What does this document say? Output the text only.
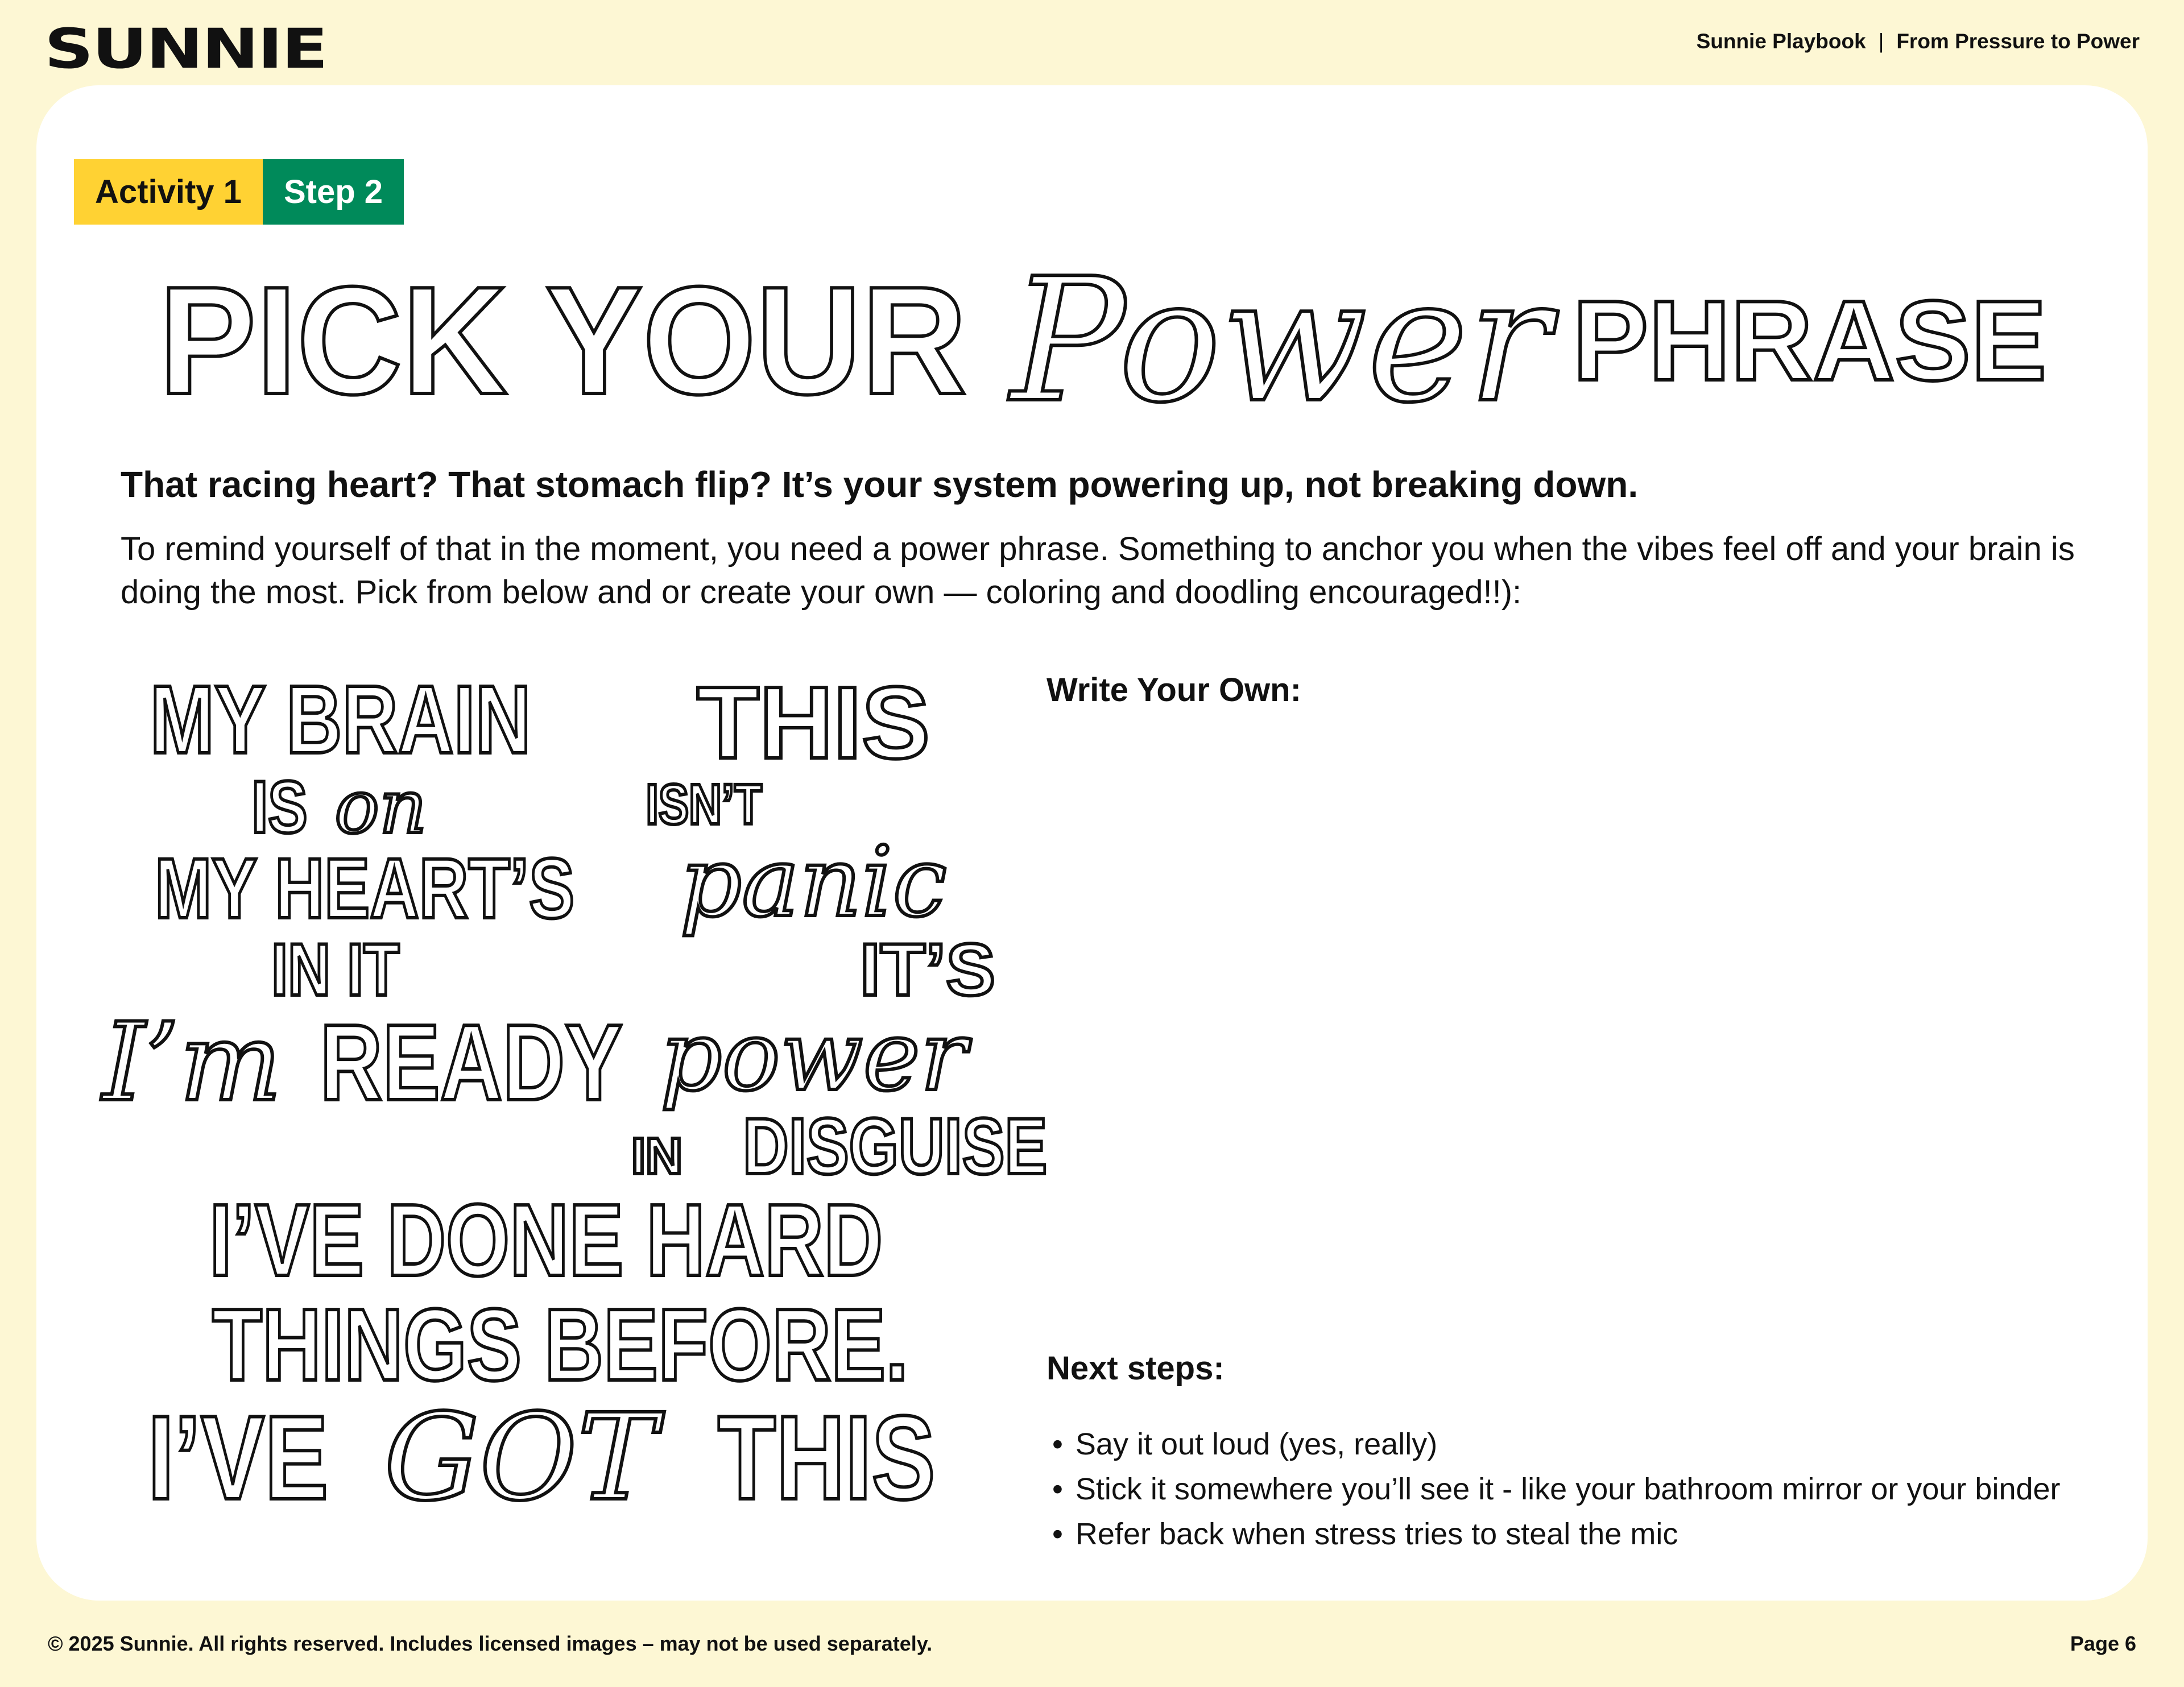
SUNNIE	Sunnie Playbook | From Pressure to Power
Activity 1	Step 2
PICK YOUR Power PHRASE
That racing heart? That stomach flip? It’s your system powering up, not breaking down.
To remind yourself of that in the moment, you need a power phrase. Something to anchor you when the vibes feel off and your brain is doing the most. Pick from below and or create your own — coloring and doodling encouraged!!):
MY BRAIN
IS on
MY HEART’S
IN IT
I’m READY
THIS
ISN’T
panic
IT’S
power
IN DISGUISE
I’VE DONE HARD
THINGS BEFORE.
I’VE GOT THIS
Write Your Own:
Next steps:
• Say it out loud (yes, really)
• Stick it somewhere you’ll see it - like your bathroom mirror or your binder
• Refer back when stress tries to steal the mic
© 2025 Sunnie. All rights reserved. Includes licensed images – may not be used separately.	Page 6
